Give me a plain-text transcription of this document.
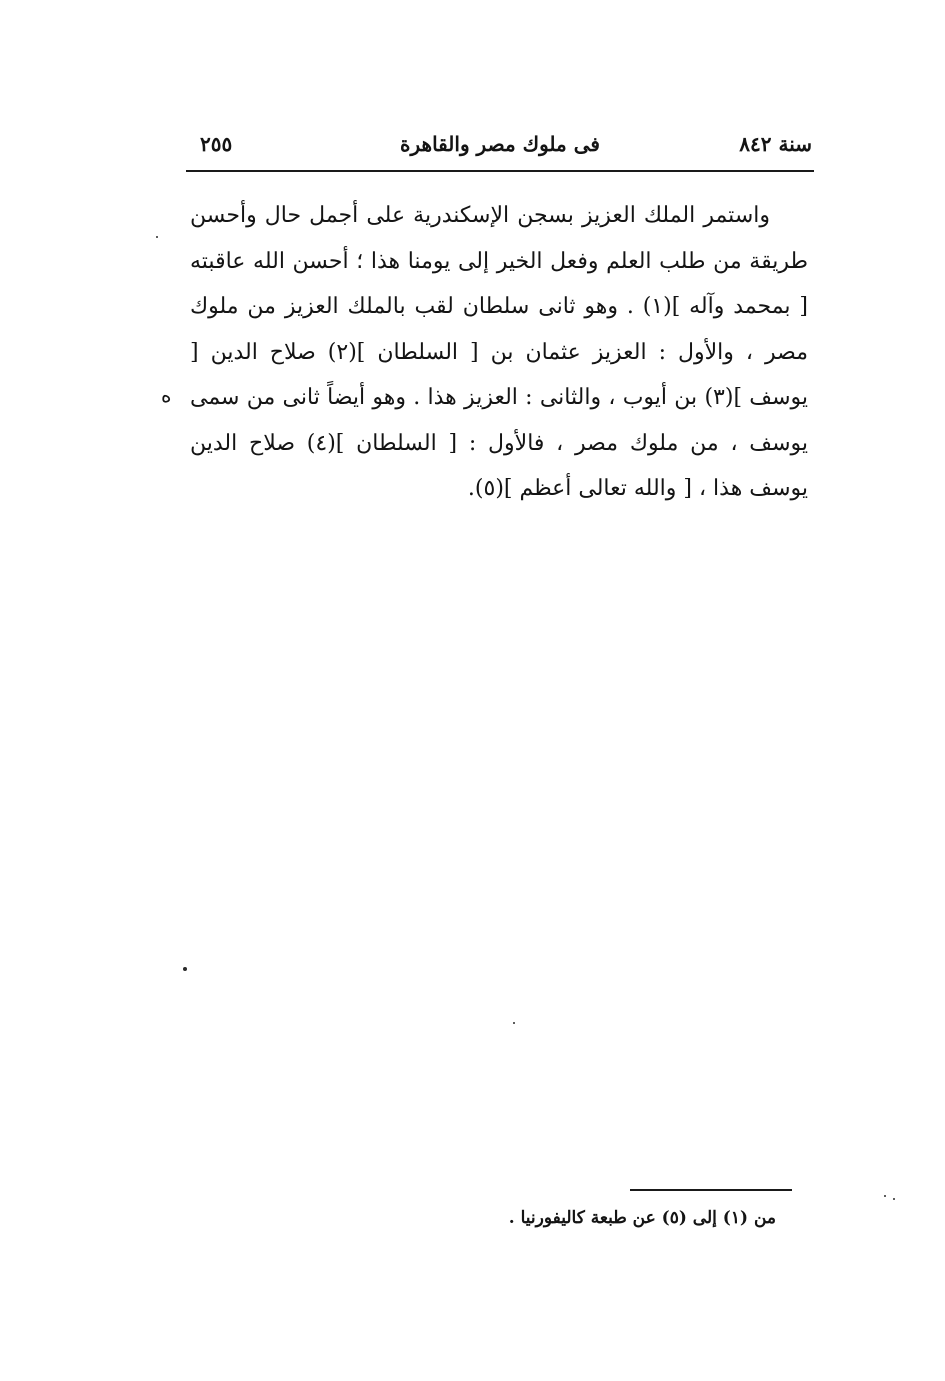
سنة ٨٤٢
فى ملوك مصر والقاهرة
٢٥٥

واستمر الملك العزيز بسجن الإسكندرية على أجمل حال وأحسن طريقة من طلب العلم وفعل الخير إلى يومنا هذا ؛ أحسن الله عاقبته [ بمحمد وآله ](١) . وهو ثانى سلطان لقب بالملك العزيز من ملوك مصر ، والأول : العزيز عثمان بن [ السلطان ](٢) صلاح الدين [ يوسف ](٣) بن أيوب ، والثانى : العزيز هذا . وهو أيضاً ثانى من سمى يوسف ، من ملوك مصر ، فالأول : [ السلطان ](٤) صلاح الدين يوسف هذا ، [ والله تعالى أعظم ](٥).

ه
من (١) إلى (٥) عن طبعة كاليفورنيا .
